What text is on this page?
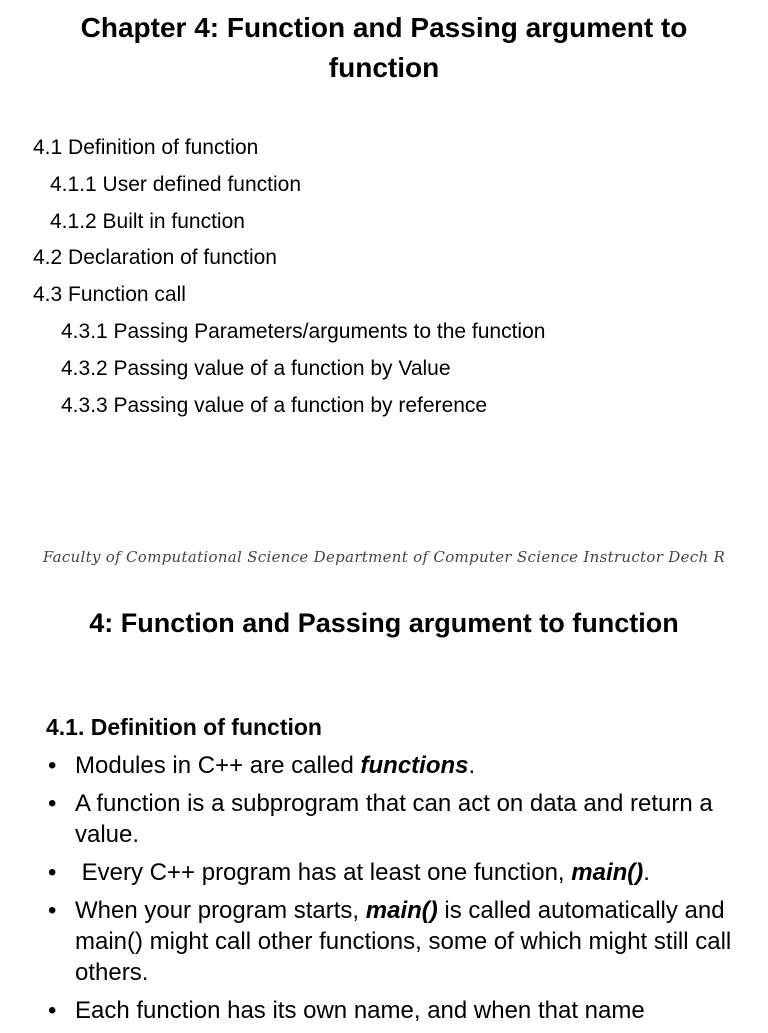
Chapter 4: Function and Passing argument to function
4.1 Definition of function
4.1.1 User defined function
4.1.2 Built in function
4.2 Declaration of function
4.3 Function call
4.3.1 Passing Parameters/arguments to the function
4.3.2 Passing value of a function by Value
4.3.3 Passing value of a function by reference
Faculty of Computational Science Department of Computer Science Instructor Dech R
4: Function and Passing argument to function
4.1. Definition of function
• Modules in C++ are called functions.
• A function is a subprogram that can act on data and return a value.
•  Every C++ program has at least one function, main().
• When your program starts, main() is called automatically and main() might call other functions, some of which might still call others.
• Each function has its own name, and when that name
